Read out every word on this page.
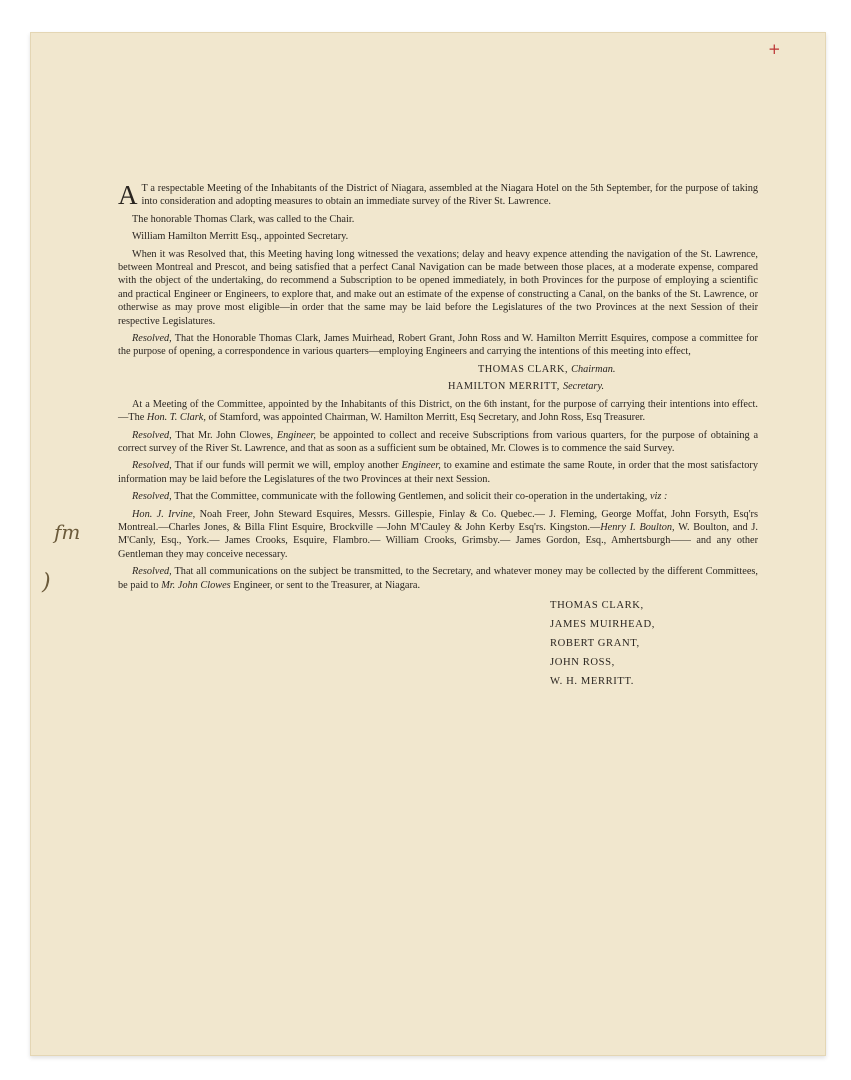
+
fm
)

A T a respectable Meeting of the Inhabitants of the District of Niagara, assembled at the Niagara Hotel on the 5th September, for the purpose of taking into consideration and adopting measures to obtain an immediate survey of the River St. Lawrence.

The honorable Thomas Clark, was called to the Chair.

William Hamilton Merritt Esq., appointed Secretary.

When it was Resolved that, this Meeting having long witnessed the vexations; delay and heavy expence attending the navigation of the St. Lawrence, between Montreal and Prescot, and being satisfied that a perfect Canal Navigation can be made between those places, at a moderate expense, compared with the object of the undertaking, do recommend a Subscription to be opened immediately, in both Provinces for the purpose of employing a scientific and practical Engineer or Engineers, to explore that, and make out an estimate of the expense of constructing a Canal, on the banks of the St. Lawrence, or otherwise as may prove most eligible—in order that the same may be laid before the Legislatures of the two Provinces at the next Session of their respective Legislatures.

Resolved, That the Honorable Thomas Clark, James Muirhead, Robert Grant, John Ross and W. Hamilton Merritt Esquires, compose a committee for the purpose of opening, a correspondence in various quarters—employing Engineers and carrying the intentions of this meeting into effect,

THOMAS CLARK, Chairman.

HAMILTON MERRITT, Secretary.

At a Meeting of the Committee, appointed by the Inhabitants of this District, on the 6th instant, for the purpose of carrying their intentions into effect.—The Hon. T. Clark, of Stamford, was appointed Chairman, W. Hamilton Merritt, Esq Secretary, and John Ross, Esq Treasurer.

Resolved, That Mr. John Clowes, Engineer, be appointed to collect and receive Subscriptions from various quarters, for the purpose of obtaining a correct survey of the River St. Lawrence, and that as soon as a sufficient sum be obtained, Mr. Clowes is to commence the said Survey.

Resolved, That if our funds will permit we will, employ another Engineer, to examine and estimate the same Route, in order that the most satisfactory information may be laid before the Legislatures of the two Provinces at their next Session.

Resolved, That the Committee, communicate with the following Gentlemen, and solicit their co-operation in the undertaking, viz :

Hon. J. Irvine, Noah Freer, John Steward Esquires, Messrs. Gillespie, Finlay & Co. Quebec.— J. Fleming, George Moffat, John Forsyth, Esq'rs Montreal.—Charles Jones, & Billa Flint Esquire, Brockville —John M'Cauley & John Kerby Esq'rs. Kingston.—Henry I. Boulton, W. Boulton, and J. M'Canly, Esq., York.— James Crooks, Esquire, Flambro.— William Crooks, Grimsby.— James Gordon, Esq., Amhertsburgh—— and any other Gentleman they may conceive necessary.

Resolved, That all communications on the subject be transmitted, to the Secretary, and whatever money may be collected by the different Committees, be paid to Mr. John Clowes Engineer, or sent to the Treasurer, at Niagara.

THOMAS CLARK,

JAMES MUIRHEAD,

ROBERT GRANT,

JOHN ROSS,

W. H. MERRITT.
